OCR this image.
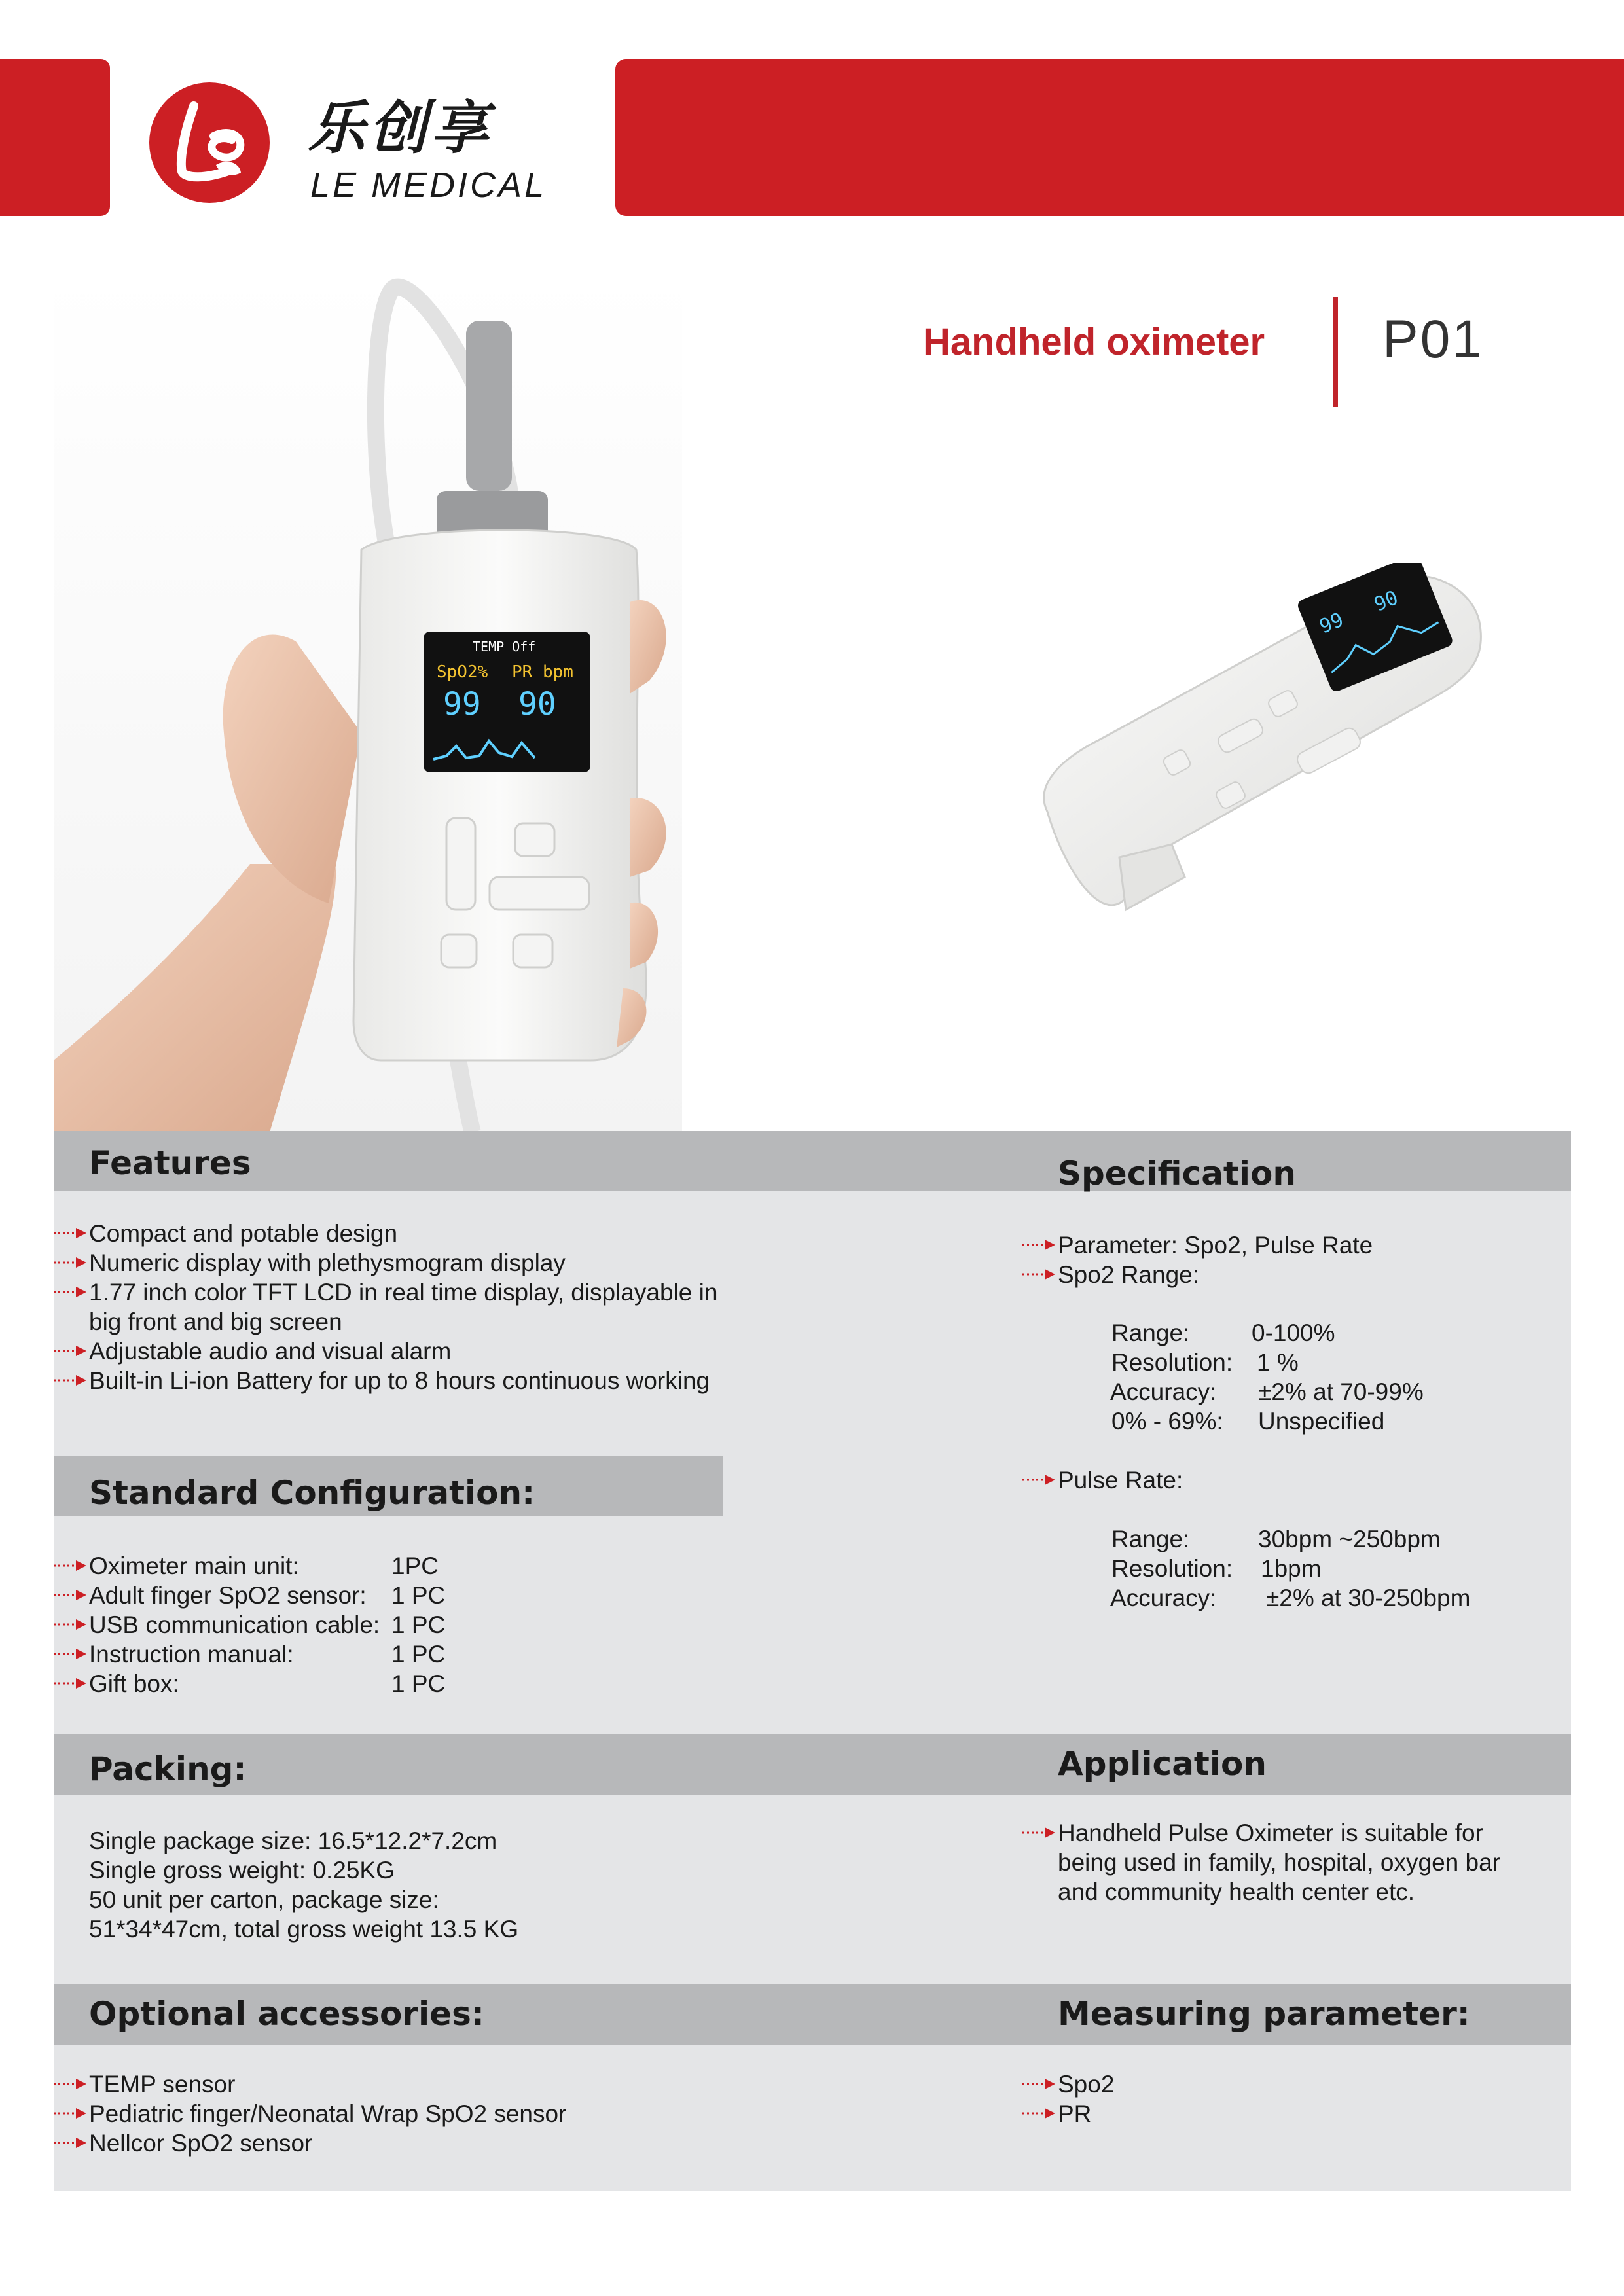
乐创享
LE MEDICAL
Handheld oximeter P01
TEMP Off
SpO2% PR bpm
99 90
99
90
Features	Specification
Standard Configuration:
Packing:	Application
Optional accessories:	Measuring parameter:
Compact and potable design
Numeric display with plethysmogram display
1.77 inch color TFT LCD in real time display, displayable in
big front and big screen
Adjustable audio and visual alarm
Built-in Li-ion Battery for up to 8 hours continuous working
Parameter: Spo2, Pulse Rate
Spo2 Range:
Range:	0-100%
Resolution: 1 %
Accuracy: ±2% at 70-99%
0% - 69%: Unspecified
Pulse Rate:
Range:	30bpm ~250bpm
Resolution: 1bpm
Accuracy: ±2% at 30-250bpm
Oximeter main unit:	1PC
Adult finger SpO2 sensor: 1 PC
USB communication cable: 1 PC
Instruction manual:	1 PC
Gift box:	1 PC
Single package size: 16.5*12.2*7.2cm
Single gross weight: 0.25KG
50 unit per carton, package size:
51*34*47cm, total gross weight 13.5 KG
Handheld Pulse Oximeter is suitable for
being used in family, hospital, oxygen bar
and community health center etc.
TEMP sensor
Pediatric finger/Neonatal Wrap SpO2 sensor
Nellcor SpO2 sensor
Spo2
PR
